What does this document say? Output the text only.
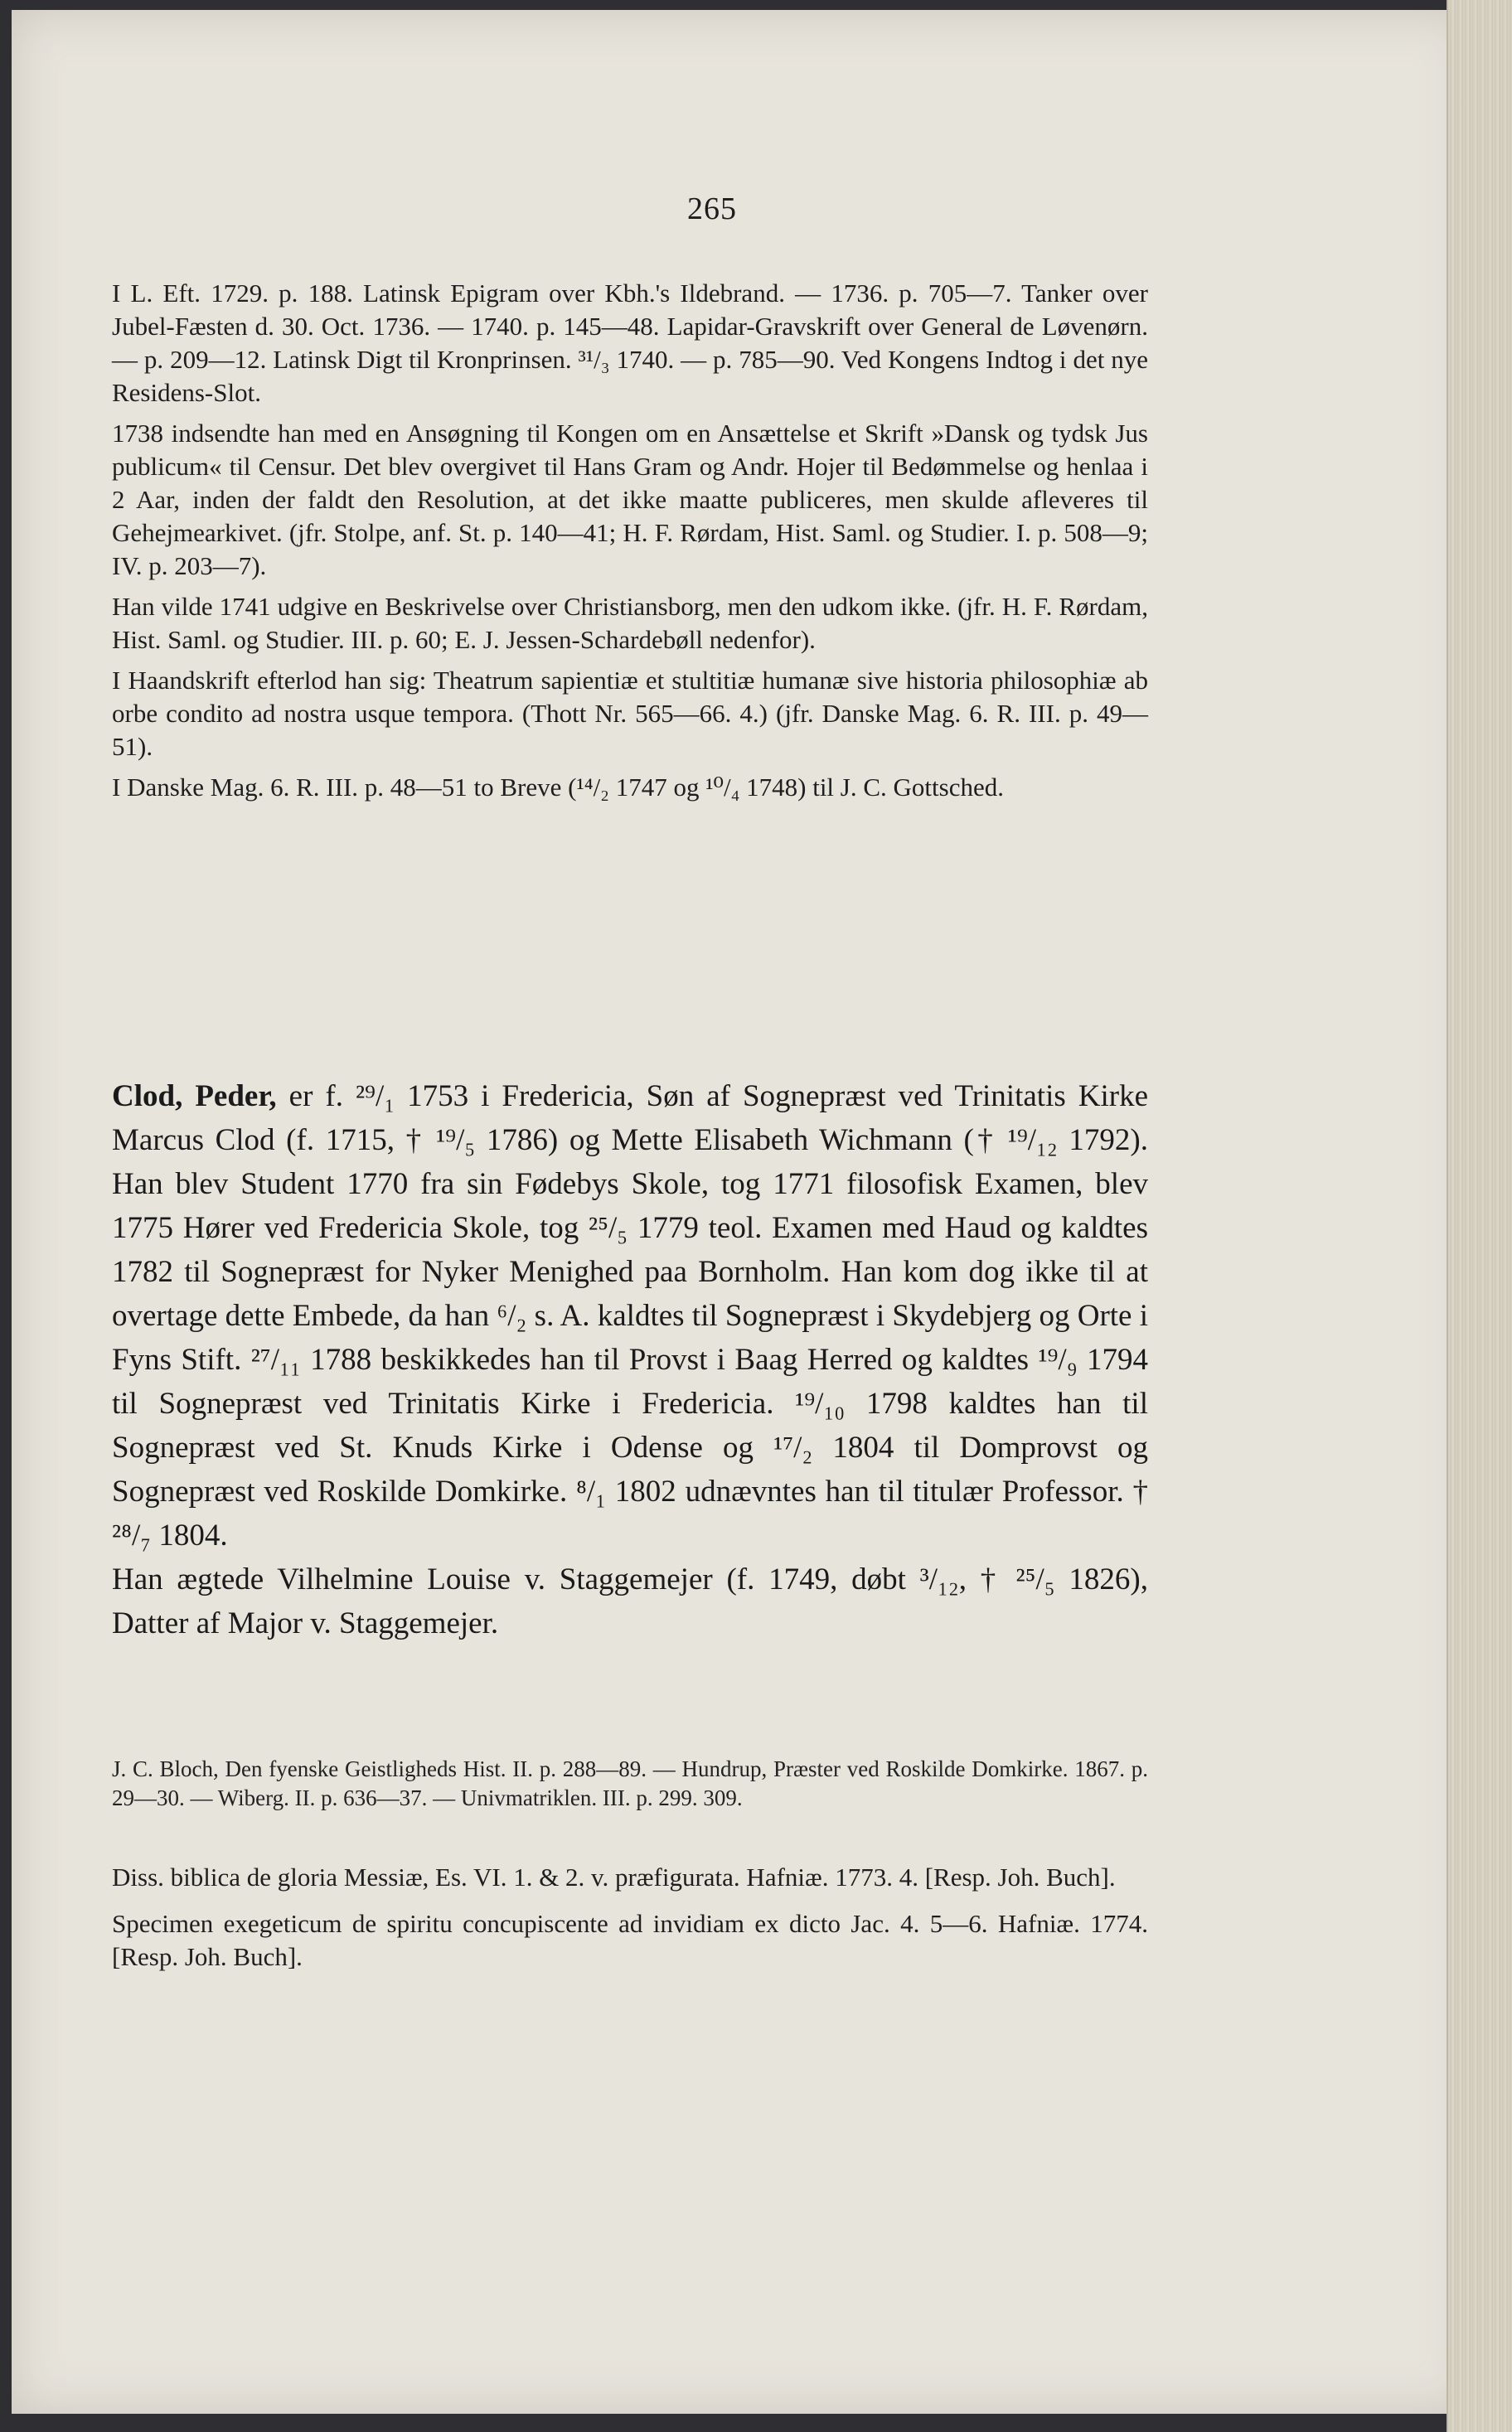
265

I L. Eft. 1729. p. 188. Latinsk Epigram over Kbh.'s Ildebrand. — 1736. p. 705—7. Tanker over Jubel-Fæsten d. 30. Oct. 1736. — 1740. p. 145—48. Lapidar-Gravskrift over General de Løvenørn. — p. 209—12. Latinsk Digt til Kronprinsen. ³¹/₃ 1740. — p. 785—90. Ved Kongens Indtog i det nye Residens-Slot.

1738 indsendte han med en Ansøgning til Kongen om en Ansættelse et Skrift »Dansk og tydsk Jus publicum« til Censur. Det blev overgivet til Hans Gram og Andr. Hojer til Bedømmelse og henlaa i 2 Aar, inden der faldt den Resolution, at det ikke maatte publiceres, men skulde afleveres til Gehejmearkivet. (jfr. Stolpe, anf. St. p. 140—41; H. F. Rørdam, Hist. Saml. og Studier. I. p. 508—9; IV. p. 203—7).

Han vilde 1741 udgive en Beskrivelse over Christiansborg, men den udkom ikke. (jfr. H. F. Rørdam, Hist. Saml. og Studier. III. p. 60; E. J. Jessen-Schardebøll nedenfor).

I Haandskrift efterlod han sig: Theatrum sapientiæ et stultitiæ humanæ sive historia philosophiæ ab orbe condito ad nostra usque tempora. (Thott Nr. 565—66. 4.) (jfr. Danske Mag. 6. R. III. p. 49—51).

I Danske Mag. 6. R. III. p. 48—51 to Breve (¹⁴/₂ 1747 og ¹⁰/₄ 1748) til J. C. Gottsched.

Clod, Peder, er f. ²⁹/₁ 1753 i Fredericia, Søn af Sognepræst ved Trinitatis Kirke Marcus Clod (f. 1715, † ¹⁹/₅ 1786) og Mette Elisabeth Wichmann († ¹⁹/₁₂ 1792). Han blev Student 1770 fra sin Fødebys Skole, tog 1771 filosofisk Examen, blev 1775 Hører ved Fredericia Skole, tog ²⁵/₅ 1779 teol. Examen med Haud og kaldtes 1782 til Sognepræst for Nyker Menighed paa Bornholm. Han kom dog ikke til at overtage dette Embede, da han ⁶/₂ s. A. kaldtes til Sognepræst i Skydebjerg og Orte i Fyns Stift. ²⁷/₁₁ 1788 beskikkedes han til Provst i Baag Herred og kaldtes ¹⁹/₉ 1794 til Sognepræst ved Trinitatis Kirke i Fredericia. ¹⁹/₁₀ 1798 kaldtes han til Sognepræst ved St. Knuds Kirke i Odense og ¹⁷/₂ 1804 til Domprovst og Sognepræst ved Roskilde Domkirke. ⁸/₁ 1802 udnævntes han til titulær Professor. † ²⁸/₇ 1804.

Han ægtede Vilhelmine Louise v. Staggemejer (f. 1749, døbt ³/₁₂, † ²⁵/₅ 1826), Datter af Major v. Staggemejer.

J. C. Bloch, Den fyenske Geistligheds Hist. II. p. 288—89. — Hundrup, Præster ved Roskilde Domkirke. 1867. p. 29—30. — Wiberg. II. p. 636—37. — Univmatriklen. III. p. 299. 309.

Diss. biblica de gloria Messiæ, Es. VI. 1. & 2. v. præfigurata. Hafniæ. 1773. 4. [Resp. Joh. Buch].

Specimen exegeticum de spiritu concupiscente ad invidiam ex dicto Jac. 4. 5—6. Hafniæ. 1774. [Resp. Joh. Buch].
